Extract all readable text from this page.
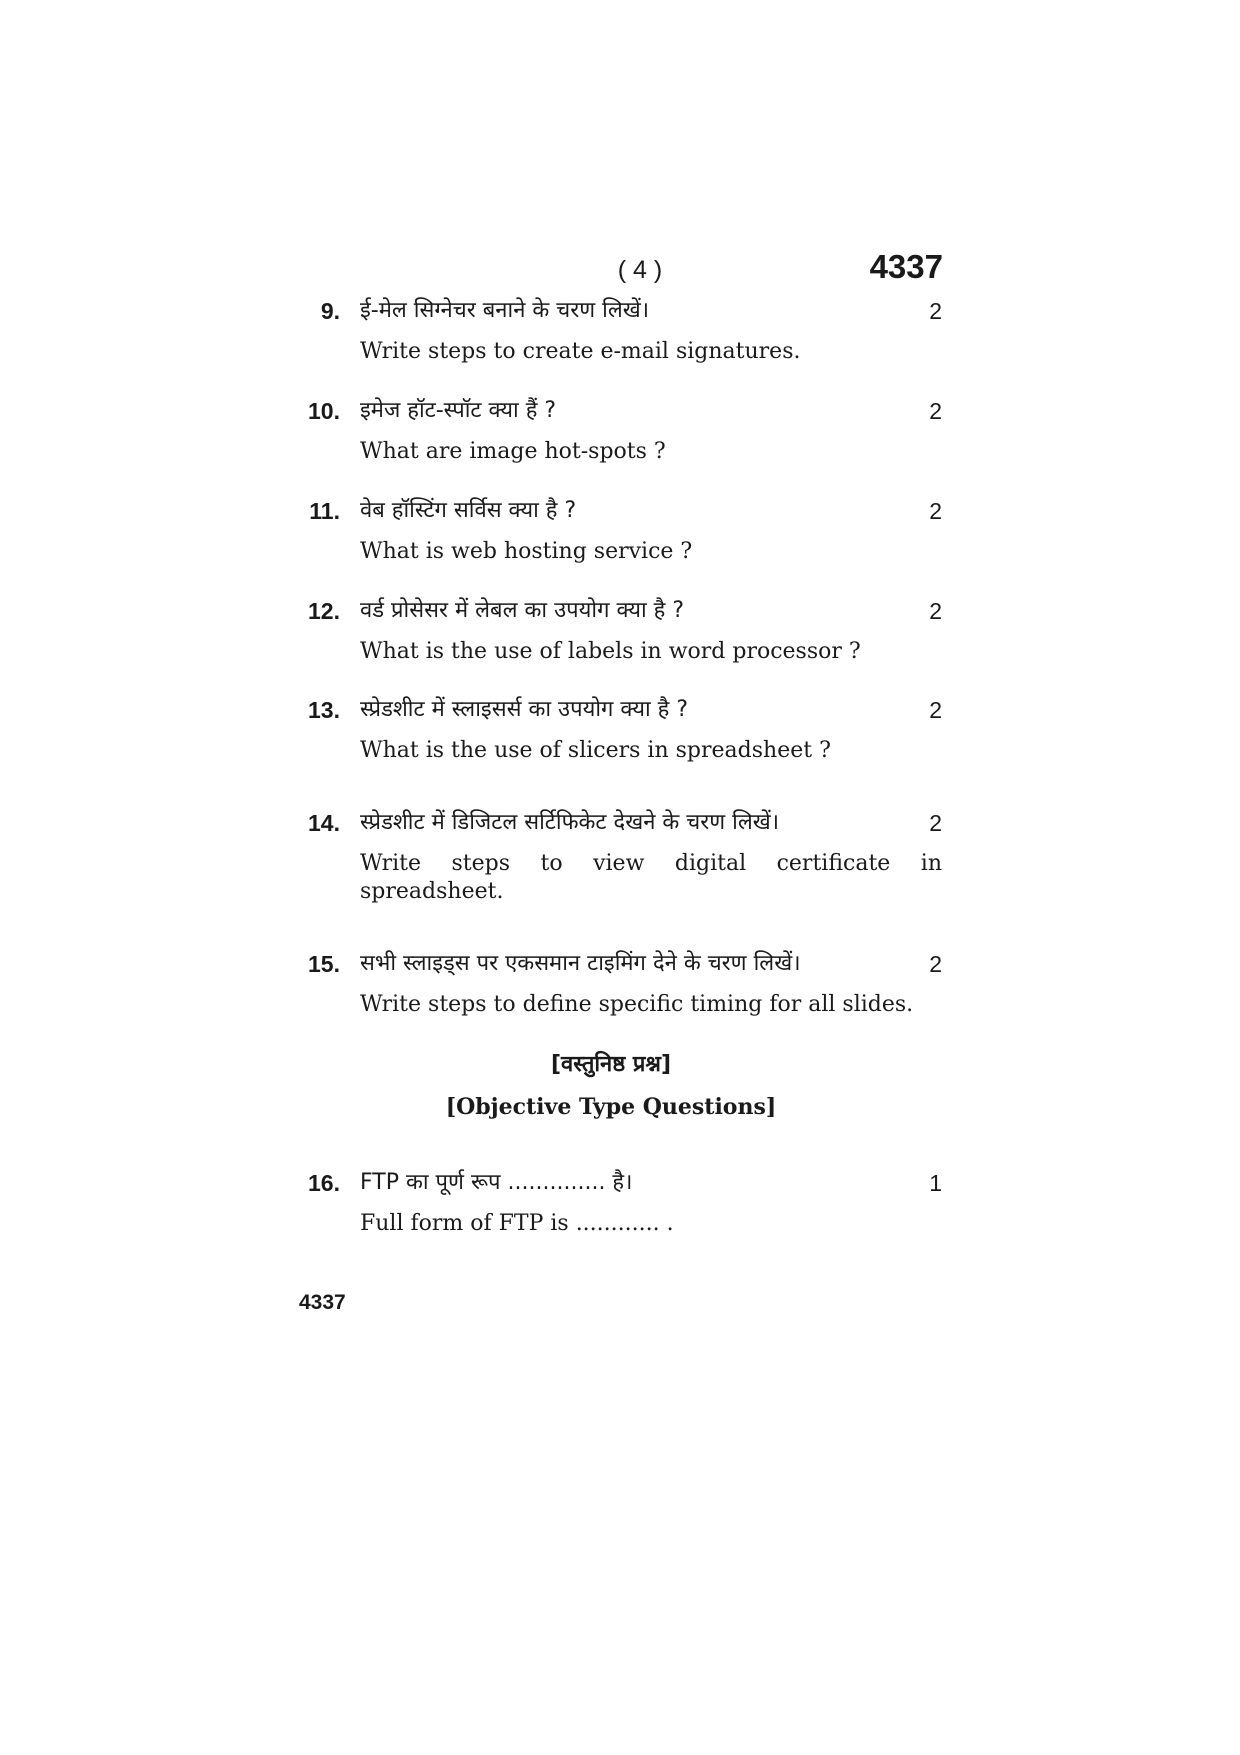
( 4 )	4337
9.	2
ई-मेल सिग्नेचर बनाने के चरण लिखें।
Write steps to create e-mail signatures.
10.	2
इमेज हॉट-स्पॉट क्या हैं ?
What are image hot-spots ?
11.	2
वेब हॉस्टिंग सर्विस क्या है ?
What is web hosting service ?
12.	2
वर्ड प्रोसेसर में लेबल का उपयोग क्या है ?
What is the use of labels in word processor ?
13.	2
स्प्रेडशीट में स्लाइसर्स का उपयोग क्या है ?
What is the use of slicers in spreadsheet ?
14.	2
स्प्रेडशीट में डिजिटल सर्टिफिकेट देखने के चरण लिखें।
Write steps to view digital certificate in spreadsheet.
15.	2
सभी स्लाइड्स पर एकसमान टाइमिंग देने के चरण लिखें।
Write steps to define specific timing for all slides.
[वस्तुनिष्ठ प्रश्न]
[Objective Type Questions]
16.	1
FTP का पूर्ण रूप .............. है।
Full form of FTP is ............ .
4337
